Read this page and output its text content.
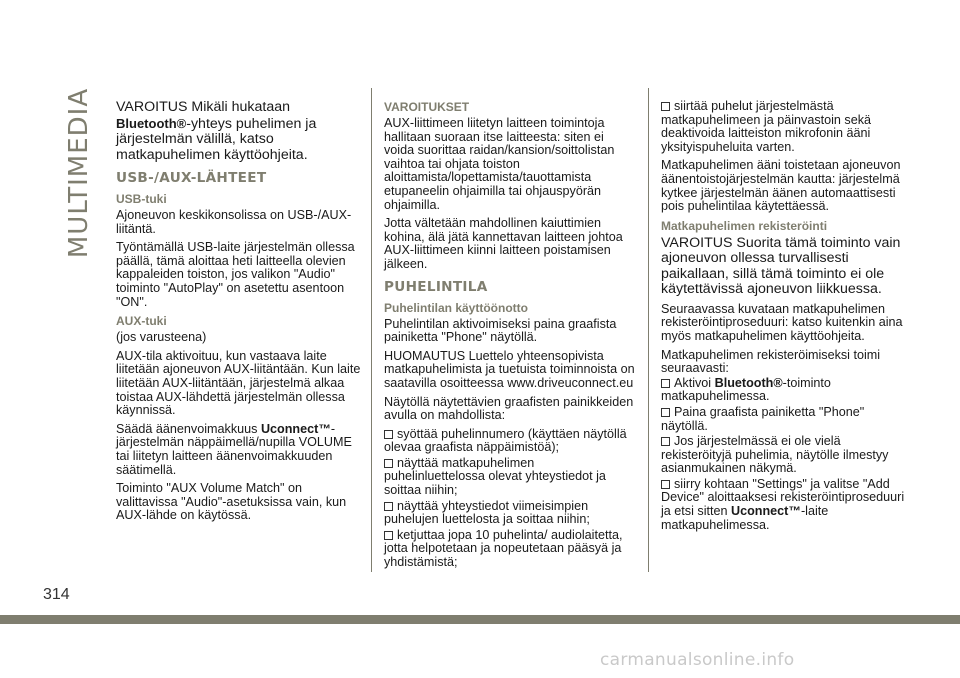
MULTIMEDIA VAROITUS Mikäli hukataan
Bluetooth®-yhteys puhelimen ja järjestelmän välillä, katso matkapuhelimen käyttöohjeita.

USB-/AUX-LÄHTEET
USB-tuki

Ajoneuvon keskikonsolissa on USB-/AUX-liitäntä.

Työntämällä USB-laite järjestelmän ollessa päällä, tämä aloittaa heti laitteella olevien kappaleiden toiston, jos valikon "Audio" toiminto "AutoPlay" on asetettu asentoon "ON".

AUX-tuki

(jos varusteena)

AUX-tila aktivoituu, kun vastaava laite liitetään ajoneuvon AUX-liitäntään. Kun laite liitetään AUX-liitäntään, järjestelmä alkaa toistaa AUX-lähdettä järjestelmän ollessa käynnissä.

Säädä äänenvoimakkuus Uconnect™-järjestelmän näppäimellä/nupilla VOLUME tai liitetyn laitteen äänenvoimakkuuden säätimellä.

Toiminto "AUX Volume Match" on valittavissa "Audio"-asetuksissa vain, kun AUX-lähde on käytössä.

VAROITUKSET

AUX-liittimeen liitetyn laitteen toimintoja hallitaan suoraan itse laitteesta: siten ei voida suorittaa raidan/kansion/soittolistan vaihtoa tai ohjata toiston aloittamista/lopettamista/tauottamista etupaneelin ohjaimilla tai ohjauspyörän ohjaimilla.

Jotta vältetään mahdollinen kaiuttimien kohina, älä jätä kannettavan laitteen johtoa AUX-liittimeen kiinni laitteen poistamisen jälkeen.

PUHELINTILA
Puhelintilan käyttöönotto

Puhelintilan aktivoimiseksi paina graafista painiketta "Phone" näytöllä.

HUOMAUTUS Luettelo yhteensopivista matkapuhelimista ja tuetuista toiminnoista on saatavilla osoitteessa www.driveuconnect.eu

Näytöllä näytettävien graafisten painikkeiden avulla on mahdollista:

syöttää puhelinnumero (käyttäen näytöllä olevaa graafista näppäimistöä);

näyttää matkapuhelimen puhelinluettelossa olevat yhteystiedot ja soittaa niihin;

näyttää yhteystiedot viimeisimpien puhelujen luettelosta ja soittaa niihin;

ketjuttaa jopa 10 puhelinta/ audiolaitetta, jotta helpotetaan ja nopeutetaan pääsyä ja yhdistämistä;

siirtää puhelut järjestelmästä matkapuhelimeen ja päinvastoin sekä deaktivoida laitteiston mikrofonin ääni yksityispuheluita varten.

Matkapuhelimen ääni toistetaan ajoneuvon äänentoistojärjestelmän kautta: järjestelmä kytkee järjestelmän äänen automaattisesti pois puhelintilaa käytettäessä.

Matkapuhelimen rekisteröinti

VAROITUS Suorita tämä toiminto vain ajoneuvon ollessa turvallisesti paikallaan, sillä tämä toiminto ei ole käytettävissä ajoneuvon liikkuessa.

Seuraavassa kuvataan matkapuhelimen rekisteröintiproseduuri: katso kuitenkin aina myös matkapuhelimen käyttöohjeita.

Matkapuhelimen rekisteröimiseksi toimi seuraavasti:

Aktivoi Bluetooth®-toiminto
matkapuhelimessa.

Paina graafista painiketta "Phone" näytöllä.

Jos järjestelmässä ei ole vielä rekisteröityjä puhelimia, näytölle ilmestyy asianmukainen näkymä.

siirry kohtaan "Settings" ja valitse "Add Device" aloittaaksesi rekisteröintiproseduuri ja etsi sitten Uconnect™-laite matkapuhelimessa.

314
carmanualsonline.info
